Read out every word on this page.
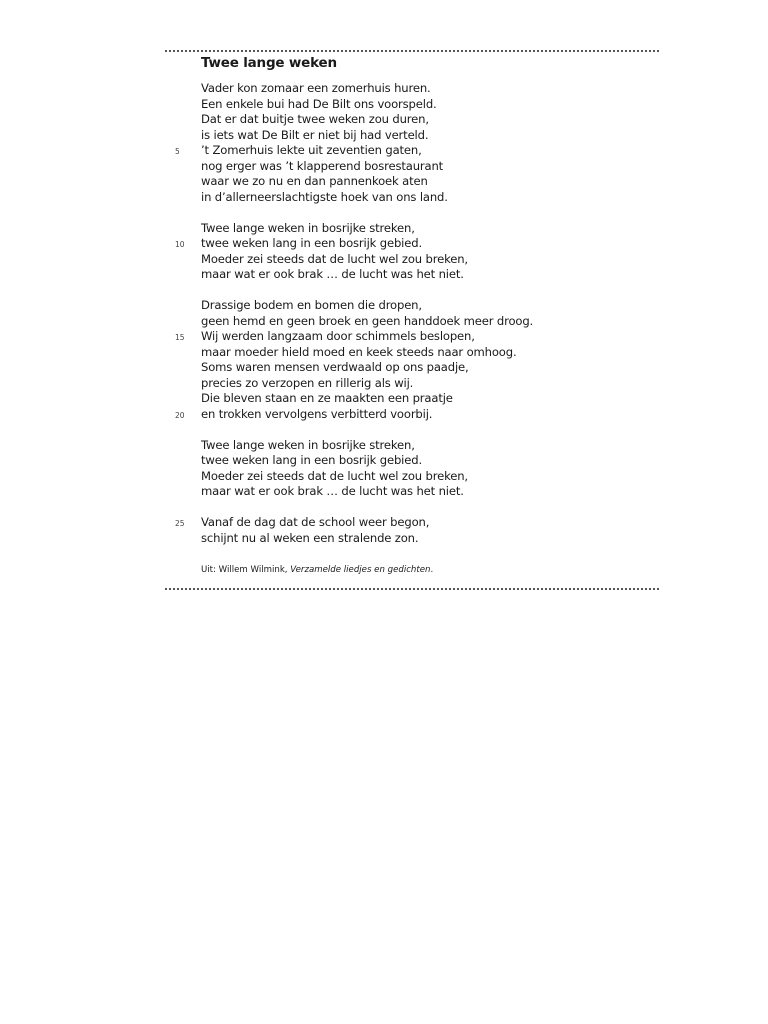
Twee lange weken
Vader kon zomaar een zomerhuis huren.
Een enkele bui had De Bilt ons voorspeld.
Dat er dat buitje twee weken zou duren,
is iets wat De Bilt er niet bij had verteld.
’t Zomerhuis lekte uit zeventien gaten,
5
nog erger was ’t klapperend bosrestaurant
waar we zo nu en dan pannenkoek aten
in d’allerneerslachtigste hoek van ons land.
Twee lange weken in bosrijke streken,
twee weken lang in een bosrijk gebied.
10
Moeder zei steeds dat de lucht wel zou breken,
maar wat er ook brak … de lucht was het niet.
Drassige bodem en bomen die dropen,
geen hemd en geen broek en geen handdoek meer droog.
Wij werden langzaam door schimmels beslopen,
15
maar moeder hield moed en keek steeds naar omhoog.
Soms waren mensen verdwaald op ons paadje,
precies zo verzopen en rillerig als wij.
Die bleven staan en ze maakten een praatje
en trokken vervolgens verbitterd voorbij.
20
Twee lange weken in bosrijke streken,
twee weken lang in een bosrijk gebied.
Moeder zei steeds dat de lucht wel zou breken,
maar wat er ook brak … de lucht was het niet.
Vanaf de dag dat de school weer begon,
25
schijnt nu al weken een stralende zon.
Uit: Willem Wilmink, Verzamelde liedjes en gedichten.
